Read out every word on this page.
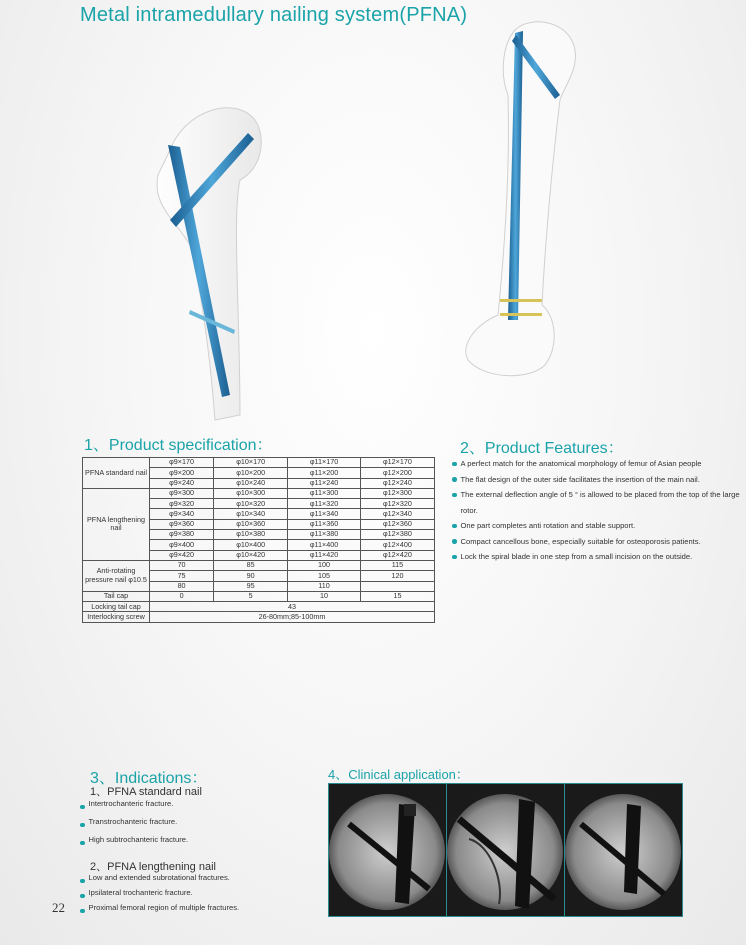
Metal intramedullary nailing system(PFNA)
1、Product specification：	2、Product Features：
3、Indications：	4、Clinical application：
PFNA standard nail	φ9×170	φ10×170	φ11×170	φ12×170
	φ9×200	φ10×200	φ11×200	φ12×200
	φ9×240	φ10×240	φ11×240	φ12×240
PFNA lengthening nail	φ9×300	φ10×300	φ11×300	φ12×300
	φ9×320	φ10×320	φ11×320	φ12×320
	φ9×340	φ10×340	φ11×340	φ12×340
	φ9×360	φ10×360	φ11×360	φ12×360
	φ9×380	φ10×380	φ11×380	φ12×380
	φ9×400	φ10×400	φ11×400	φ12×400
	φ9×420	φ10×420	φ11×420	φ12×420
Anti-rotating pressure nail φ10.5	70	85	100	115
	75	90	105	120
	80	95	110	
Tail cap	0	5	10	15
Locking tail cap	43			
Interlocking screw	26-80mm;85-100mm			
A perfect match for the anatomical morphology of femur of Asian people
The flat design of the outer side facilitates the insertion of the main nail.
The external deflection angle of 5 ° is allowed to be placed from the top of the large rotor.
One part completes anti rotation and stable support.
Compact cancellous bone, especially suitable for osteoporosis patients.
Lock the spiral blade in one step from a small incision on the outside.
1、PFNA standard nail
Intertrochanteric fracture.
Transtrochanteric fracture.
High subtrochanteric fracture.
2、PFNA lengthening nail
Low and extended subrotational fractures.
Ipsilateral trochanteric fracture.
Proximal femoral region of multiple fractures.
22
